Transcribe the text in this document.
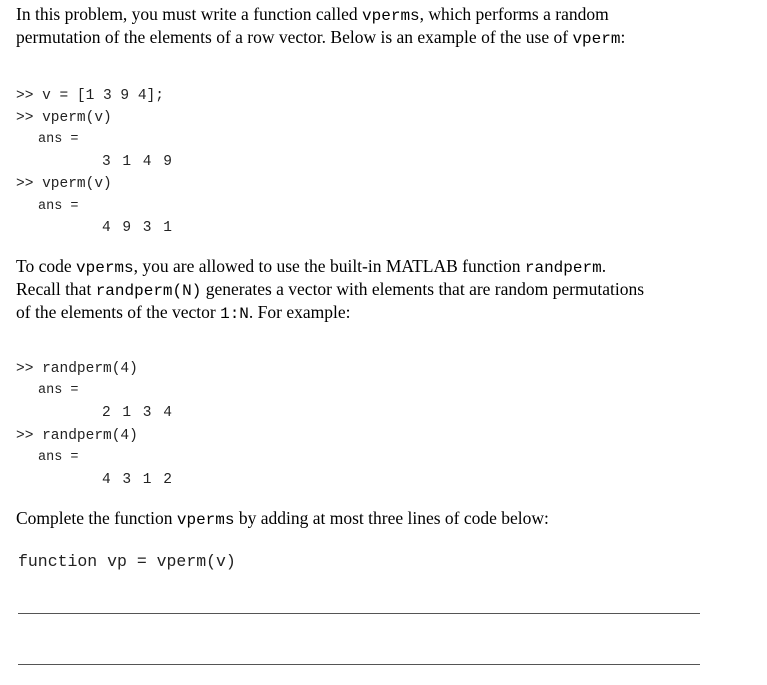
In this problem, you must write a function called vperms, which performs a random
permutation of the elements of a row vector. Below is an example of the use of vperm:
>> v = [1 3 9 4];
>> vperm(v)
ans =
3 1 4 9
>> vperm(v)
ans =
4 9 3 1
To code vperms, you are allowed to use the built-in MATLAB function randperm.
Recall that randperm(N) generates a vector with elements that are random permutations
of the elements of the vector 1:N. For example:
>> randperm(4)
ans =
2 1 3 4
>> randperm(4)
ans =
4 3 1 2
Complete the function vperms by adding at most three lines of code below:
function vp = vperm(v)
